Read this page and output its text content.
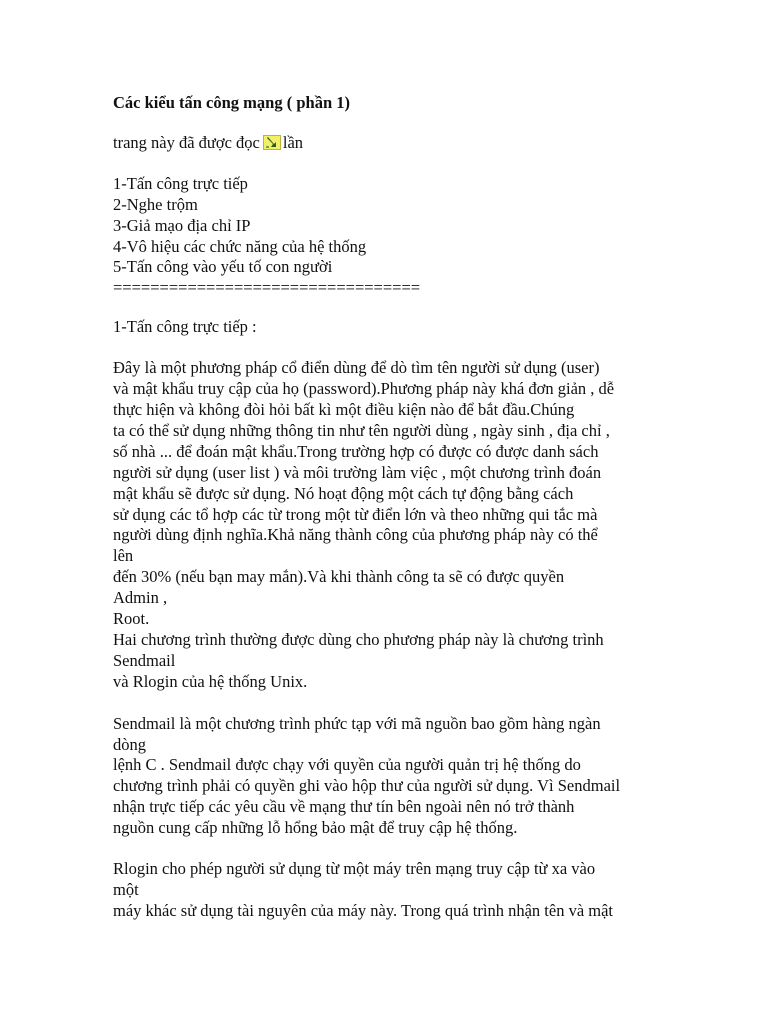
Các kiểu tấn công mạng ( phần 1)
trang này đã được đọc lần
1-Tấn công trực tiếp
2-Nghe trộm
3-Giả mạo địa chỉ IP
4-Vô hiệu các chức năng của hệ thống
5-Tấn công vào yếu tố con người
=================================
1-Tấn công trực tiếp :
Đây là một phương pháp cổ điển dùng để dò tìm tên người sử dụng (user)
và mật khẩu truy cập của họ (password).Phương pháp này khá đơn giản , dễ
thực hiện và không đòi hỏi bất kì một điều kiện nào để bắt đầu.Chúng
ta có thể sử dụng những thông tin như tên người dùng , ngày sinh , địa chỉ ,
số nhà ... để đoán mật khẩu.Trong trường hợp có được có được danh sách
người sử dụng (user list ) và môi trường làm việc , một chương trình đoán
mật khẩu sẽ được sử dụng. Nó hoạt động một cách tự động bằng cách
sử dụng các tổ hợp các từ trong một từ điển lớn và theo những qui tắc mà
người dùng định nghĩa.Khả năng thành công của phương pháp này có thể
lên
đến 30% (nếu bạn may mắn).Và khi thành công ta sẽ có được quyền
Admin ,
Root.
Hai chương trình thường được dùng cho phương pháp này là chương trình
Sendmail
và Rlogin của hệ thống Unix.
Sendmail là một chương trình phức tạp với mã nguồn bao gồm hàng ngàn
dòng
lệnh C . Sendmail được chạy với quyền của người quản trị hệ thống do
chương trình phải có quyền ghi vào hộp thư của người sử dụng. Vì Sendmail
nhận trực tiếp các yêu cầu về mạng thư tín bên ngoài nên nó trở thành
nguồn cung cấp những lỗ hổng bảo mật để truy cập hệ thống.
Rlogin cho phép người sử dụng từ một máy trên mạng truy cập từ xa vào
một
máy khác sử dụng tài nguyên của máy này. Trong quá trình nhận tên và mật
